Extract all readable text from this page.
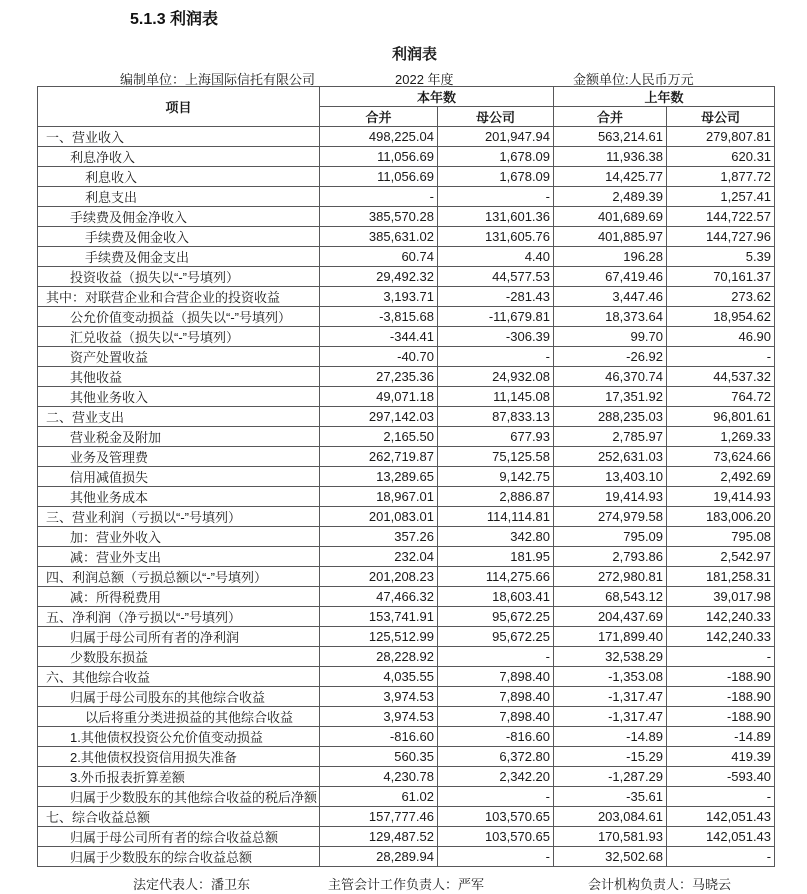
5.1.3 利润表
利润表
编制单位：上海国际信托有限公司	2022 年度	金额单位:人民币万元
项目	本年数		上年数	
	合并	母公司	合并	母公司
一、营业收入	498,225.04	201,947.94	563,214.61	279,807.81
利息净收入	11,056.69	1,678.09	11,936.38	620.31
利息收入	11,056.69	1,678.09	14,425.77	1,877.72
利息支出	-	-	2,489.39	1,257.41
手续费及佣金净收入	385,570.28	131,601.36	401,689.69	144,722.57
手续费及佣金收入	385,631.02	131,605.76	401,885.97	144,727.96
手续费及佣金支出	60.74	4.40	196.28	5.39
投资收益（损失以“-”号填列）	29,492.32	44,577.53	67,419.46	70,161.37
其中：对联营企业和合营企业的投资收益	3,193.71	-281.43	3,447.46	273.62
公允价值变动损益（损失以“-”号填列）	-3,815.68	-11,679.81	18,373.64	18,954.62
汇兑收益（损失以“-”号填列）	-344.41	-306.39	99.70	46.90
资产处置收益	-40.70	-	-26.92	-
其他收益	27,235.36	24,932.08	46,370.74	44,537.32
其他业务收入	49,071.18	11,145.08	17,351.92	764.72
二、营业支出	297,142.03	87,833.13	288,235.03	96,801.61
营业税金及附加	2,165.50	677.93	2,785.97	1,269.33
业务及管理费	262,719.87	75,125.58	252,631.03	73,624.66
信用减值损失	13,289.65	9,142.75	13,403.10	2,492.69
其他业务成本	18,967.01	2,886.87	19,414.93	19,414.93
三、营业利润（亏损以“-”号填列）	201,083.01	114,114.81	274,979.58	183,006.20
加：营业外收入	357.26	342.80	795.09	795.08
减：营业外支出	232.04	181.95	2,793.86	2,542.97
四、利润总额（亏损总额以“-”号填列）	201,208.23	114,275.66	272,980.81	181,258.31
减：所得税费用	47,466.32	18,603.41	68,543.12	39,017.98
五、净利润（净亏损以“-”号填列）	153,741.91	95,672.25	204,437.69	142,240.33
归属于母公司所有者的净利润	125,512.99	95,672.25	171,899.40	142,240.33
少数股东损益	28,228.92	-	32,538.29	-
六、其他综合收益	4,035.55	7,898.40	-1,353.08	-188.90
归属于母公司股东的其他综合收益	3,974.53	7,898.40	-1,317.47	-188.90
以后将重分类进损益的其他综合收益	3,974.53	7,898.40	-1,317.47	-188.90
1.其他债权投资公允价值变动损益	-816.60	-816.60	-14.89	-14.89
2.其他债权投资信用损失准备	560.35	6,372.80	-15.29	419.39
3.外币报表折算差额	4,230.78	2,342.20	-1,287.29	-593.40
归属于少数股东的其他综合收益的税后净额	61.02	-	-35.61	-
七、综合收益总额	157,777.46	103,570.65	203,084.61	142,051.43
归属于母公司所有者的综合收益总额	129,487.52	103,570.65	170,581.93	142,051.43
归属于少数股东的综合收益总额	28,289.94	-	32,502.68	-
法定代表人：潘卫东	主管会计工作负责人：严军	会计机构负责人：马晓云
